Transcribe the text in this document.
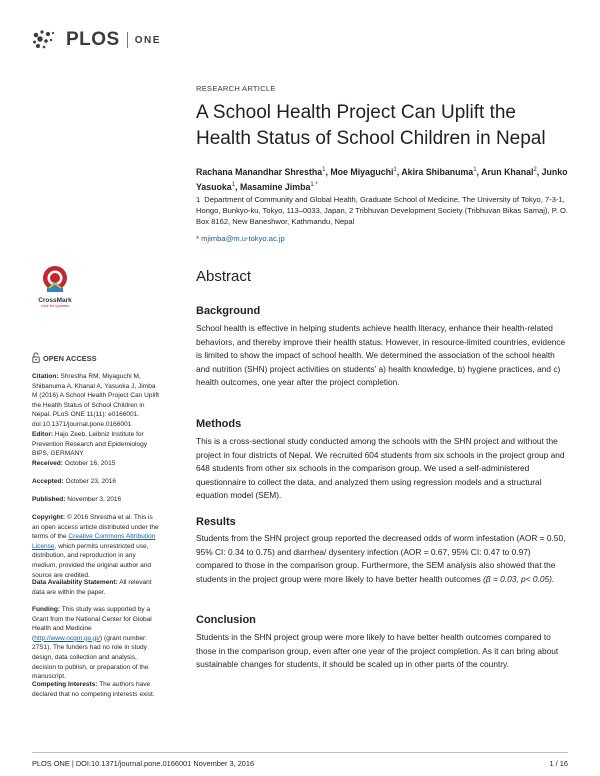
PLOS ONE
RESEARCH ARTICLE
A School Health Project Can Uplift the Health Status of School Children in Nepal
Rachana Manandhar Shrestha$^1$, Moe Miyaguchi$^1$, Akira Shibanuma$^1$, Arun Khanal$^2$, Junko Yasuoka$^1$, Masamine Jimba$^{1 *}$
1 Department of Community and Global Health, Graduate School of Medicine, The University of Tokyo, 7-3-1, Hongo, Bunkyo-ku, Tokyo, 113–0033, Japan, 2 Tribhuvan Development Society (Tribhuvan Bikas Samaj), P. O. Box 8162, New Baneshwor, Kathmandu, Nepal
* mjimba@m.u-tokyo.ac.jp
Abstract
Background

School health is effective in helping students achieve health literacy, enhance their health-related behaviors, and thereby improve their health status. However, in resource-limited countries, evidence is limited to show the impact of school health. We determined the association of the school health and nutrition (SHN) project activities on students' a) health knowledge, b) hygiene practices, and c) health outcomes, one year after the project completion.

Methods

This is a cross-sectional study conducted among the schools with the SHN project and without the project in four districts of Nepal. We recruited 604 students from six schools in the project group and 648 students from other six schools in the comparison group. We used a self-administered questionnaire to collect the data, and analyzed them using regression models and a structural equation model (SEM).

Results

Students from the SHN project group reported the decreased odds of worm infestation (AOR = 0.50, 95% CI: 0.34 to 0.75) and diarrhea/ dysentery infection (AOR = 0.67, 95% CI: 0.47 to 0.97) compared to those in the comparison group. Furthermore, the SEM analysis also showed that the students in the project group were more likely to have better health outcomes (β = 0.03, p< 0.05).

Conclusion

Students in the SHN project group were more likely to have better health outcomes compared to those in the comparison group, even after one year of the project completion. As it can bring about sustainable changes for students, it should be scaled up in other parts of the country.

CrossMark
click for updates
OPEN ACCESS

Citation: Shrestha RM, Miyaguchi M, Shibanuma A, Khanal A, Yasuoka J, Jimba M (2016) A School Health Project Can Uplift the Health Status of School Children in Nepal. PLoS ONE 11(11): e0166001. doi:10.1371/journal.pone.0166001

Editor: Hajo Zeeb, Leibniz Institute for Prevention Research and Epidemiology BIPS, GERMANY

Received: October 16, 2015

Accepted: October 23, 2016

Published: November 3, 2016

Copyright: © 2016 Shrestha et al. This is an open access article distributed under the terms of the Creative Commons Attribution License, which permits unrestricted use, distribution, and reproduction in any medium, provided the original author and source are credited.

Data Availability Statement: All relevant data are within the paper.

Funding: This study was supported by a Grant from the National Center for Global Health and Medicine (http://www.ncgm.go.jp/) (grant number: 27S1). The funders had no role in study design, data collection and analysis, decision to publish, or preparation of the manuscript.

Competing Interests: The authors have declared that no competing interests exist.

PLOS ONE | DOI:10.1371/journal.pone.0166001 November 3, 2016	1 / 16
